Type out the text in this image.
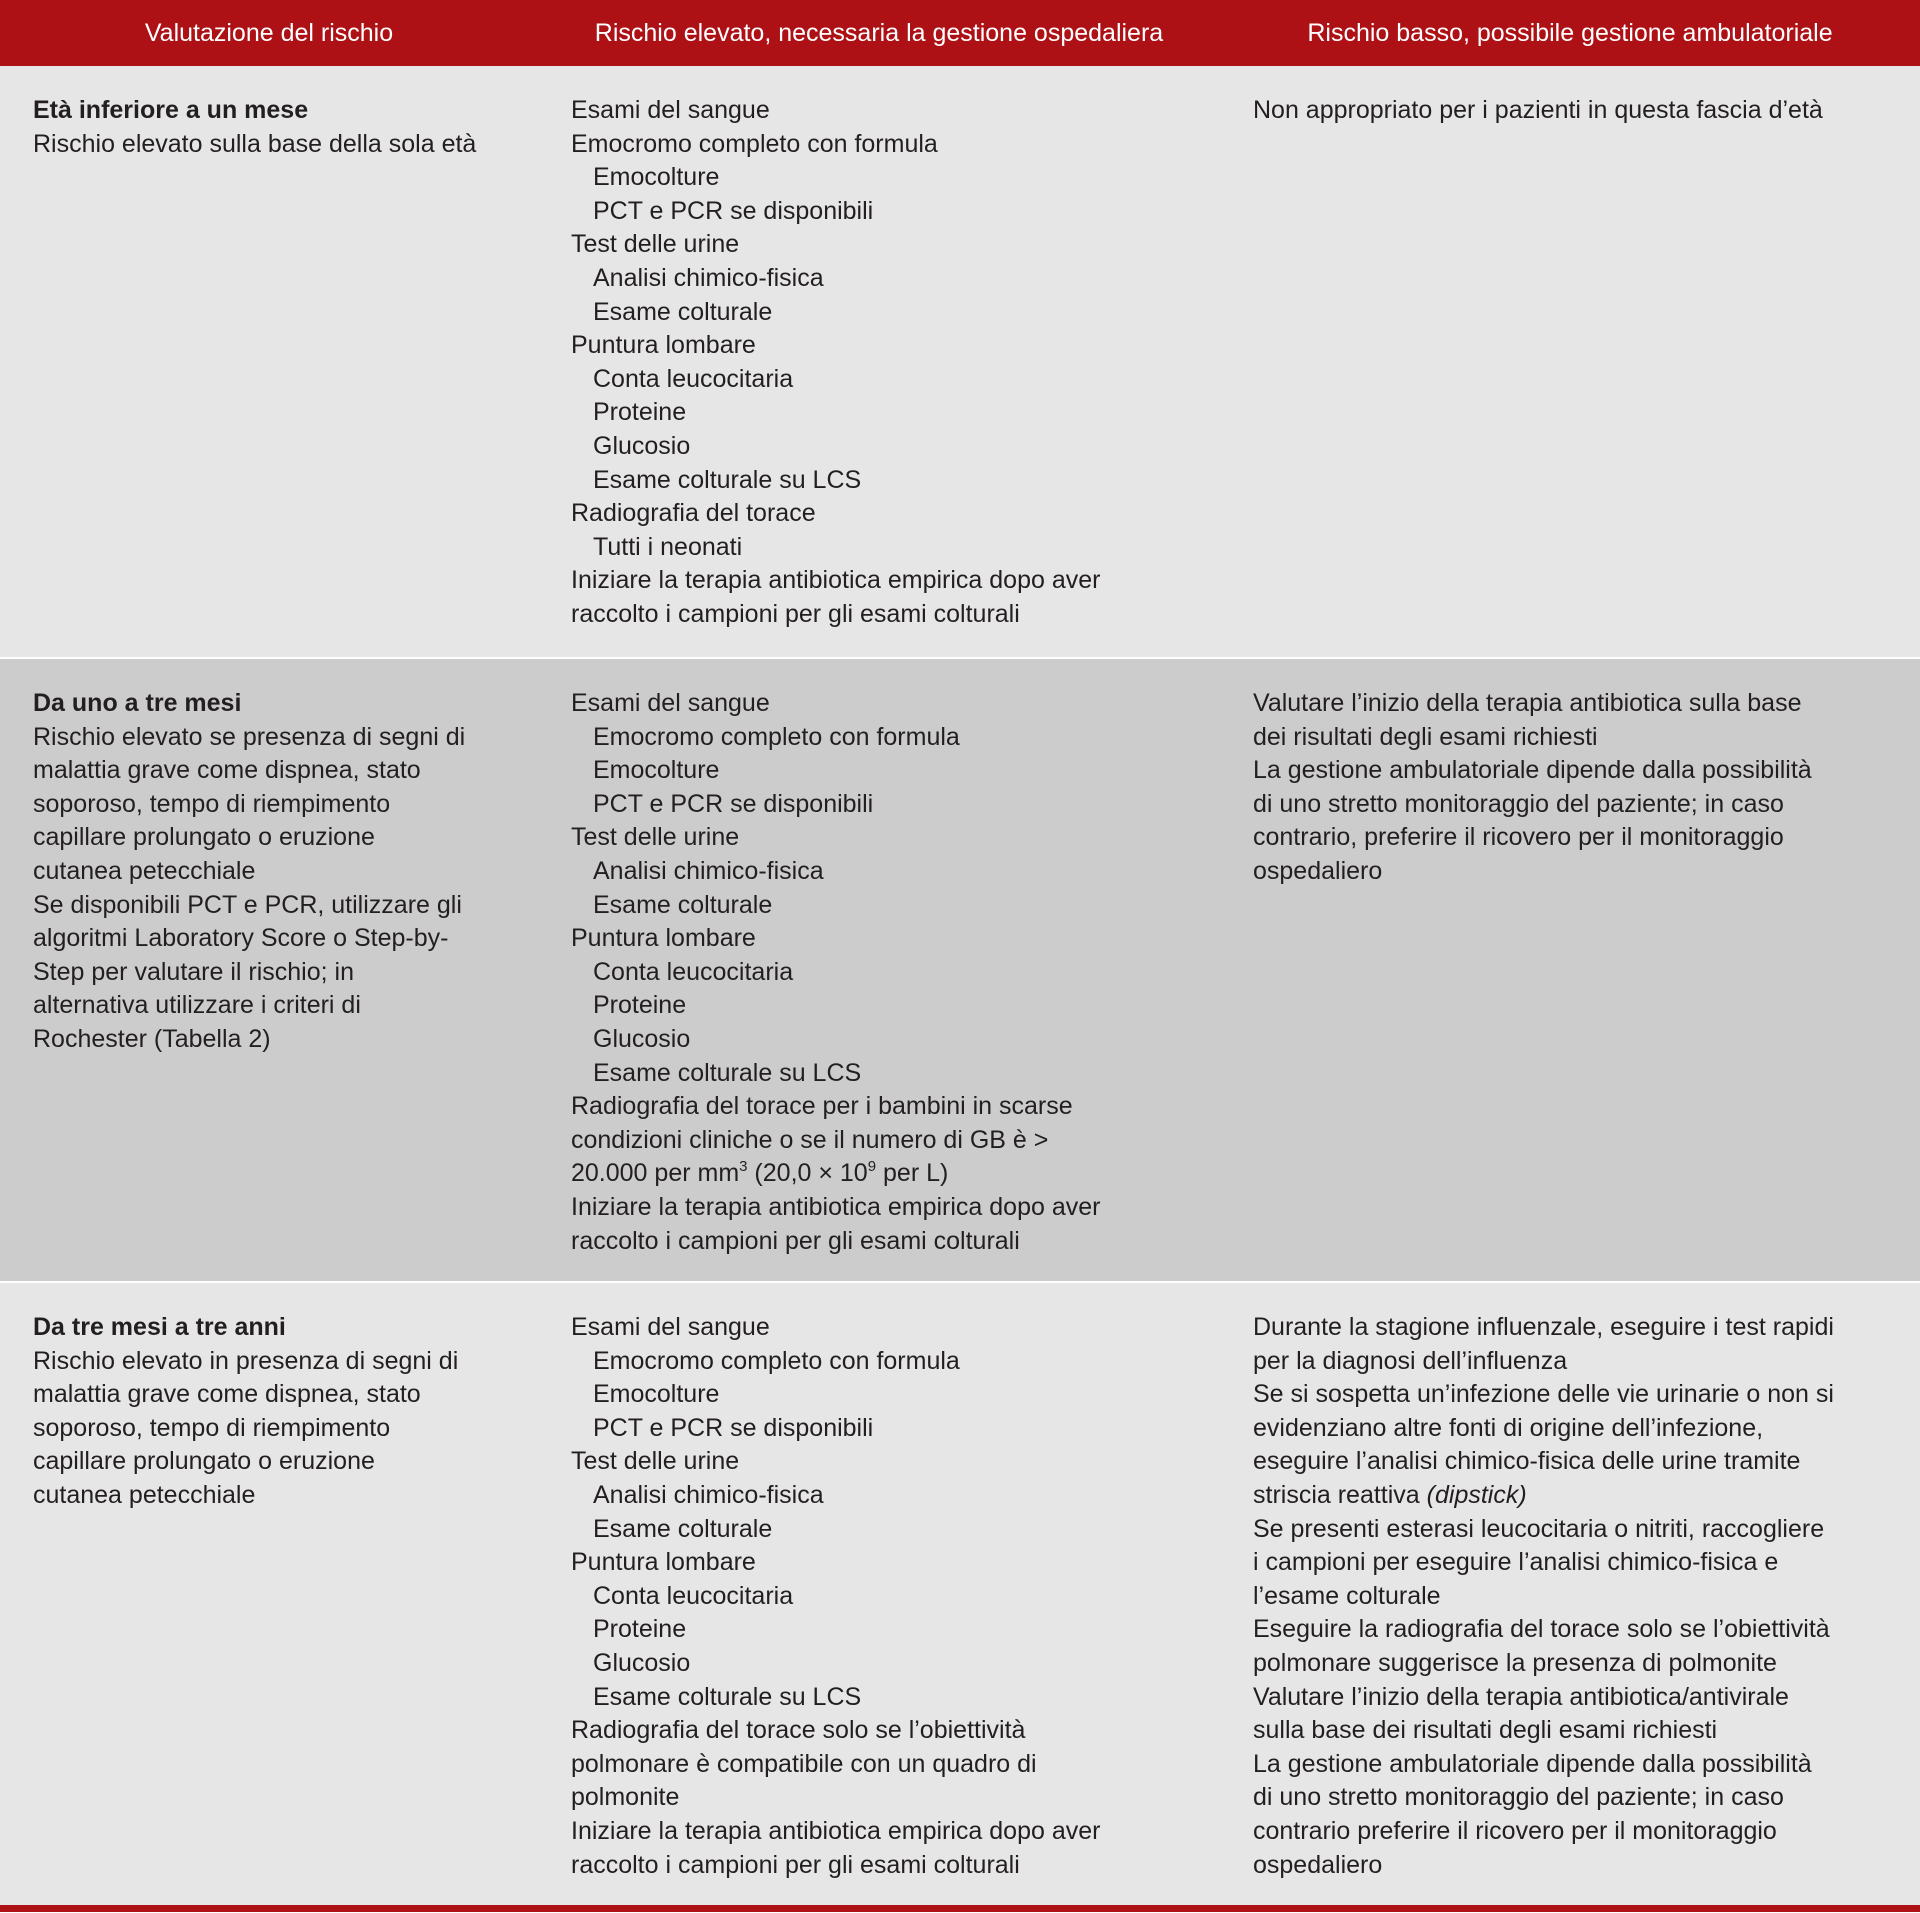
Valutazione del rischio	Rischio elevato, necessaria la gestione ospedaliera	Rischio basso, possibile gestione ambulatoriale
Età inferiore a un mese
Rischio elevato sulla base della sola età
Esami del sangue
Emocromo completo con formula
Emocolture
PCT e PCR se disponibili
Test delle urine
Analisi chimico-fisica
Esame colturale
Puntura lombare
Conta leucocitaria
Proteine
Glucosio
Esame colturale su LCS
Radiografia del torace
Tutti i neonati
Iniziare la terapia antibiotica empirica dopo aver
raccolto i campioni per gli esami colturali
Non appropriato per i pazienti in questa fascia d’età
Da uno a tre mesi
Rischio elevato se presenza di segni di
malattia grave come dispnea, stato
soporoso, tempo di riempimento
capillare prolungato o eruzione
cutanea petecchiale
Se disponibili PCT e PCR, utilizzare gli
algoritmi Laboratory Score o Step-by-
Step per valutare il rischio; in
alternativa utilizzare i criteri di
Rochester (Tabella 2)
Esami del sangue
Emocromo completo con formula
Emocolture
PCT e PCR se disponibili
Test delle urine
Analisi chimico-fisica
Esame colturale
Puntura lombare
Conta leucocitaria
Proteine
Glucosio
Esame colturale su LCS
Radiografia del torace per i bambini in scarse
condizioni cliniche o se il numero di GB è >
20.000 per $mm^3$ ($20,0 \times 10^9$ per L)
Iniziare la terapia antibiotica empirica dopo aver
raccolto i campioni per gli esami colturali
Valutare l’inizio della terapia antibiotica sulla base
dei risultati degli esami richiesti
La gestione ambulatoriale dipende dalla possibilità
di uno stretto monitoraggio del paziente; in caso
contrario, preferire il ricovero per il monitoraggio
ospedaliero
Da tre mesi a tre anni
Rischio elevato in presenza di segni di
malattia grave come dispnea, stato
soporoso, tempo di riempimento
capillare prolungato o eruzione
cutanea petecchiale
Esami del sangue
Emocromo completo con formula
Emocolture
PCT e PCR se disponibili
Test delle urine
Analisi chimico-fisica
Esame colturale
Puntura lombare
Conta leucocitaria
Proteine
Glucosio
Esame colturale su LCS
Radiografia del torace solo se l’obiettività
polmonare è compatibile con un quadro di
polmonite
Iniziare la terapia antibiotica empirica dopo aver
raccolto i campioni per gli esami colturali
Durante la stagione influenzale, eseguire i test rapidi
per la diagnosi dell’influenza
Se si sospetta un’infezione delle vie urinarie o non si
evidenziano altre fonti di origine dell’infezione,
eseguire l’analisi chimico-fisica delle urine tramite
striscia reattiva (dipstick)
Se presenti esterasi leucocitaria o nitriti, raccogliere
i campioni per eseguire l’analisi chimico-fisica e
l’esame colturale
Eseguire la radiografia del torace solo se l’obiettività
polmonare suggerisce la presenza di polmonite
Valutare l’inizio della terapia antibiotica/antivirale
sulla base dei risultati degli esami richiesti
La gestione ambulatoriale dipende dalla possibilità
di uno stretto monitoraggio del paziente; in caso
contrario preferire il ricovero per il monitoraggio
ospedaliero
